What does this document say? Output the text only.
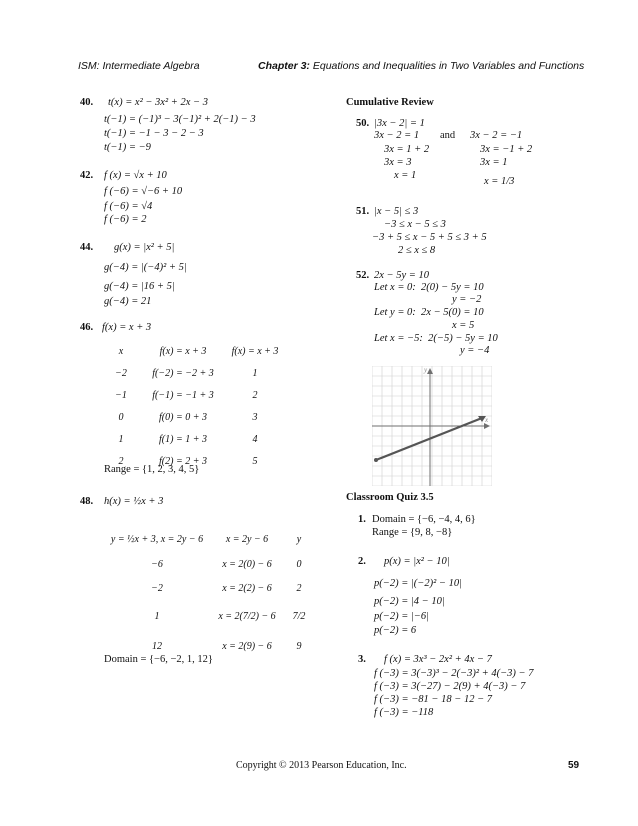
ISM: Intermediate Algebra	Chapter 3: Equations and Inequalities in Two Variables and Functions
40. t(x) = x² − 3x² + 2x − 3
t(−1) = (−1)³ − 3(−1)² + 2(−1) − 3
t(−1) = −1 − 3 − 2 − 3
t(−1) = −9
42. f (x) = √x + 10
f (−6) = √−6 + 10
f (−6) = √4
f (−6) = 2
44. g(x) = |x² + 5|
g(−4) = |(−4)² + 5|
g(−4) = |16 + 5|
g(−4) = 21
46. f(x) = x + 3
x	f(x) = x + 3	f(x) = x + 3
−2	f(−2) = −2 + 3	1
−1	f(−1) = −1 + 3	2
0	f(0) = 0 + 3	3
1	f(1) = 1 + 3	4
2	f(2) = 2 + 3	5
Range = {1, 2, 3, 4, 5}
48. h(x) = ½x + 3
y = ½x + 3, x = 2y − 6	x = 2y − 6	y
−6	x = 2(0) − 6	0
−2	x = 2(2) − 6	2
1	x = 2(7/2) − 6	7/2
12	x = 2(9) − 6	9
Domain = {−6, −2, 1, 12}
Cumulative Review
50. |3x − 2| = 1
3x − 2 = 1
3x = 1 + 2
3x = 3
x = 1
and 3x − 2 = −1
3x = −1 + 2
3x = 1
x = 1/3
51. |x − 5| ≤ 3
−3 ≤ x − 5 ≤ 3
−3 + 5 ≤ x − 5 + 5 ≤ 3 + 5
2 ≤ x ≤ 8
52. 2x − 5y = 10
Let x = 0:  2(0) − 5y = 10
y = −2
Let y = 0:  2x − 5(0) = 10
x = 5
Let x = −5:  2(−5) − 5y = 10
y = −4
x
y
Classroom Quiz 3.5
1. Domain = {−6, −4, 4, 6}
Range = {9, 8, −8}
2. p(x) = |x² − 10|
p(−2) = |(−2)² − 10|
p(−2) = |4 − 10|
p(−2) = |−6|
p(−2) = 6
3. f (x) = 3x³ − 2x² + 4x − 7
f (−3) = 3(−3)³ − 2(−3)² + 4(−3) − 7
f (−3) = 3(−27) − 2(9) + 4(−3) − 7
f (−3) = −81 − 18 − 12 − 7
f (−3) = −118
Copyright © 2013 Pearson Education, Inc.	59
